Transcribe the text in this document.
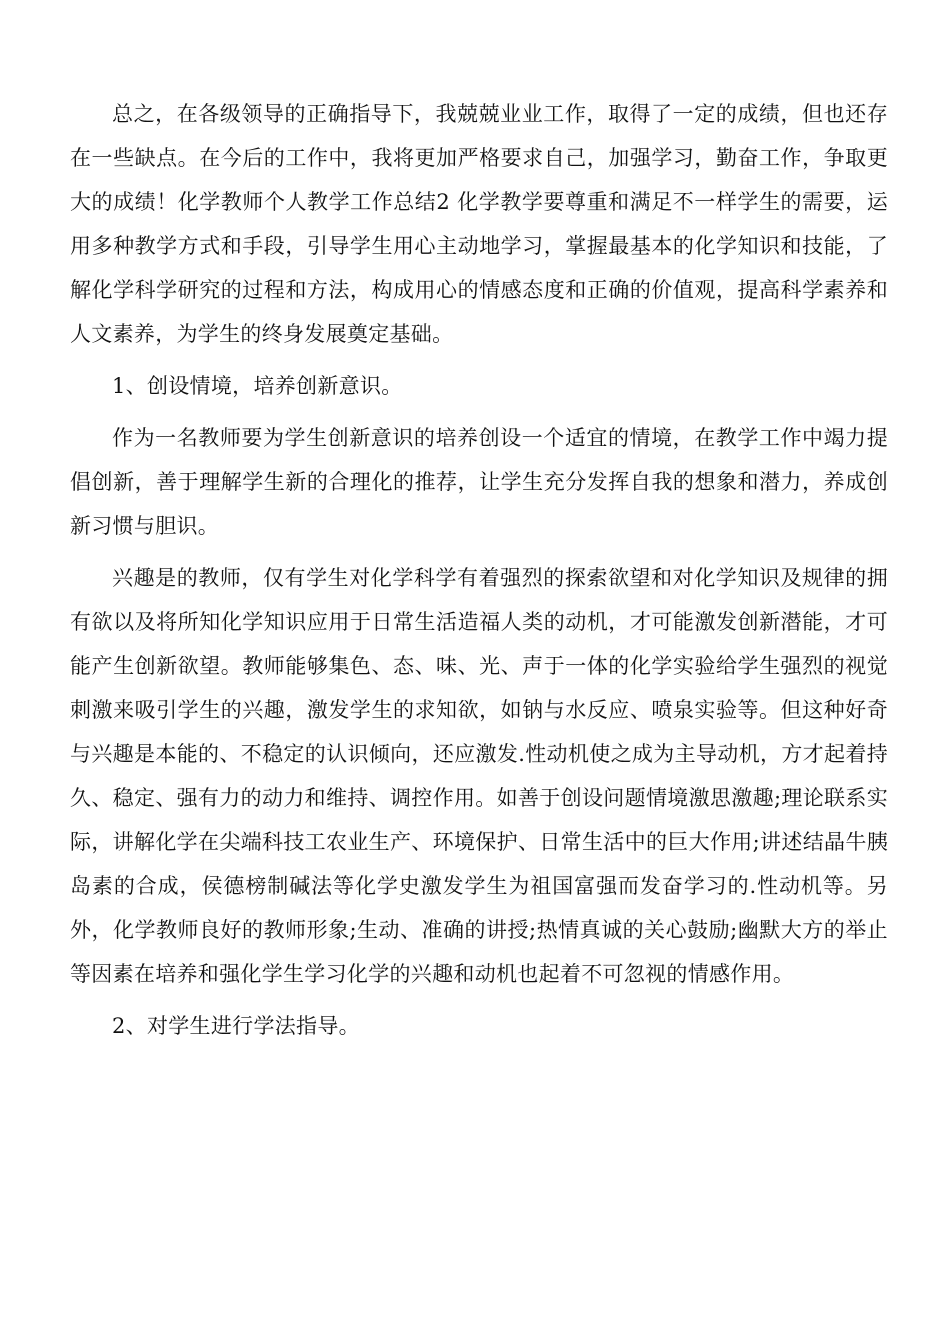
总之，在各级领导的正确指导下，我兢兢业业工作，取得了一定的成绩，但也还存在一些缺点。在今后的工作中，我将更加严格要求自己，加强学习，勤奋工作，争取更大的成绩！化学教师个人教学工作总结2 化学教学要尊重和满足不一样学生的需要，运用多种教学方式和手段，引导学生用心主动地学习，掌握最基本的化学知识和技能，了解化学科学研究的过程和方法，构成用心的情感态度和正确的价值观，提高科学素养和人文素养，为学生的终身发展奠定基础。

1、创设情境，培养创新意识。

作为一名教师要为学生创新意识的培养创设一个适宜的情境，在教学工作中竭力提倡创新，善于理解学生新的合理化的推荐，让学生充分发挥自我的想象和潜力，养成创新习惯与胆识。

兴趣是的教师，仅有学生对化学科学有着强烈的探索欲望和对化学知识及规律的拥有欲以及将所知化学知识应用于日常生活造福人类的动机，才可能激发创新潜能，才可能产生创新欲望。教师能够集色、态、味、光、声于一体的化学实验给学生强烈的视觉刺激来吸引学生的兴趣，激发学生的求知欲，如钠与水反应、喷泉实验等。但这种好奇与兴趣是本能的、不稳定的认识倾向，还应激发.性动机使之成为主导动机，方才起着持久、稳定、强有力的动力和维持、调控作用。如善于创设问题情境激思激趣;理论联系实际，讲解化学在尖端科技工农业生产、环境保护、日常生活中的巨大作用;讲述结晶牛胰岛素的合成，侯德榜制碱法等化学史激发学生为祖国富强而发奋学习的.性动机等。另外，化学教师良好的教师形象;生动、准确的讲授;热情真诚的关心鼓励;幽默大方的举止等因素在培养和强化学生学习化学的兴趣和动机也起着不可忽视的情感作用。

2、对学生进行学法指导。
